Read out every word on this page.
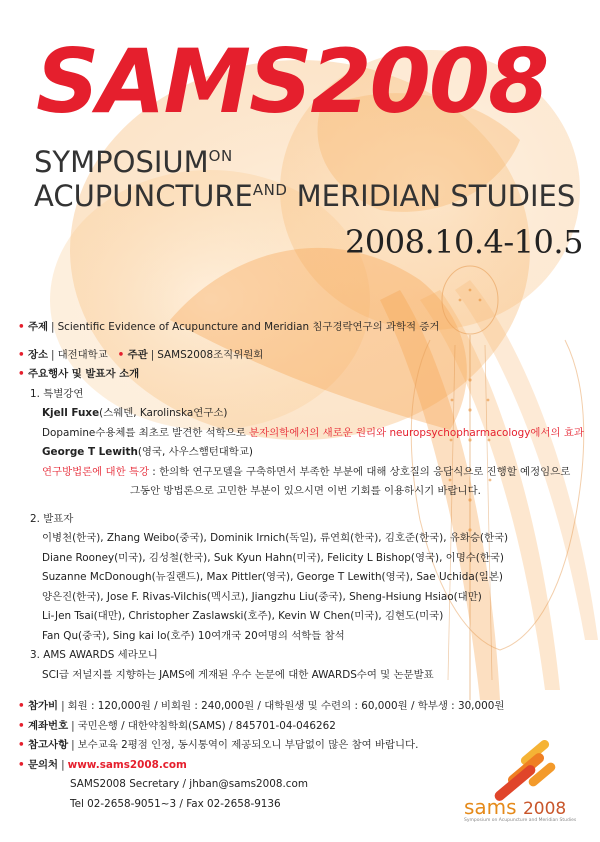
SAMS2008
$SYMPOSIUM^{ON}$
$ACUPUNCTURE^{AND}$ MERIDIAN STUDIES
2008.10.4-10.5
• 주제 | Scientific Evidence of Acupuncture and Meridian 침구경락연구의 과학적 증거
• 장소 | 대전대학교 • 주관 | SAMS2008조직위원회
• 주요행사 및 발표자 소개
1. 특별강연
Kjell Fuxe(스웨덴, Karolinska연구소)
Dopamine수용체를 최초로 발견한 석학으로 분자의학에서의 새로운 원리와 neuropsychopharmacology에서의 효과
George T Lewith(영국, 사우스햄턴대학교)
연구방법론에 대한 특강 : 한의학 연구모델을 구축하면서 부족한 부분에 대해 상호질의 응답식으로 진행할 예정임으로
그동안 방법론으로 고민한 부분이 있으시면 이번 기회를 이용하시기 바랍니다.
2. 발표자
이병천(한국), Zhang Weibo(중국), Dominik Irnich(독일), 류연희(한국), 김호준(한국), 유화승(한국)
Diane Rooney(미국), 김성철(한국), Suk Kyun Hahn(미국), Felicity L Bishop(영국), 이명수(한국)
Suzanne McDonough(뉴질랜드), Max Pittler(영국), George T Lewith(영국), Sae Uchida(일본)
양은진(한국), Jose F. Rivas-Vilchis(멕시코), Jiangzhu Liu(중국), Sheng-Hsiung Hsiao(대만)
Li-Jen Tsai(대만), Christopher Zaslawski(호주), Kevin W Chen(미국), 김현도(미국)
Fan Qu(중국), Sing kai lo(호주) 10여개국 20여명의 석학들 참석
3. AMS AWARDS 세라모니
SCI급 저널지를 지향하는 JAMS에 게재된 우수 논문에 대한 AWARDS수여 및 논문발표
• 참가비 | 회원 : 120,000원 / 비회원 : 240,000원 / 대학원생 및 수련의 : 60,000원 / 학부생 : 30,000원
• 계좌번호 | 국민은행 / 대한약침학회(SAMS) / 845701-04-046262
• 참고사항 | 보수교육 2평점 인정, 동시통역이 제공되오니 부담없이 많은 참여 바랍니다.
• 문의처 | www.sams2008.com
SAMS2008 Secretary / jhban@sams2008.com
Tel 02-2658-9051~3 / Fax 02-2658-9136	sams 2008
Symposium on Acupuncture and Meridian Studies
